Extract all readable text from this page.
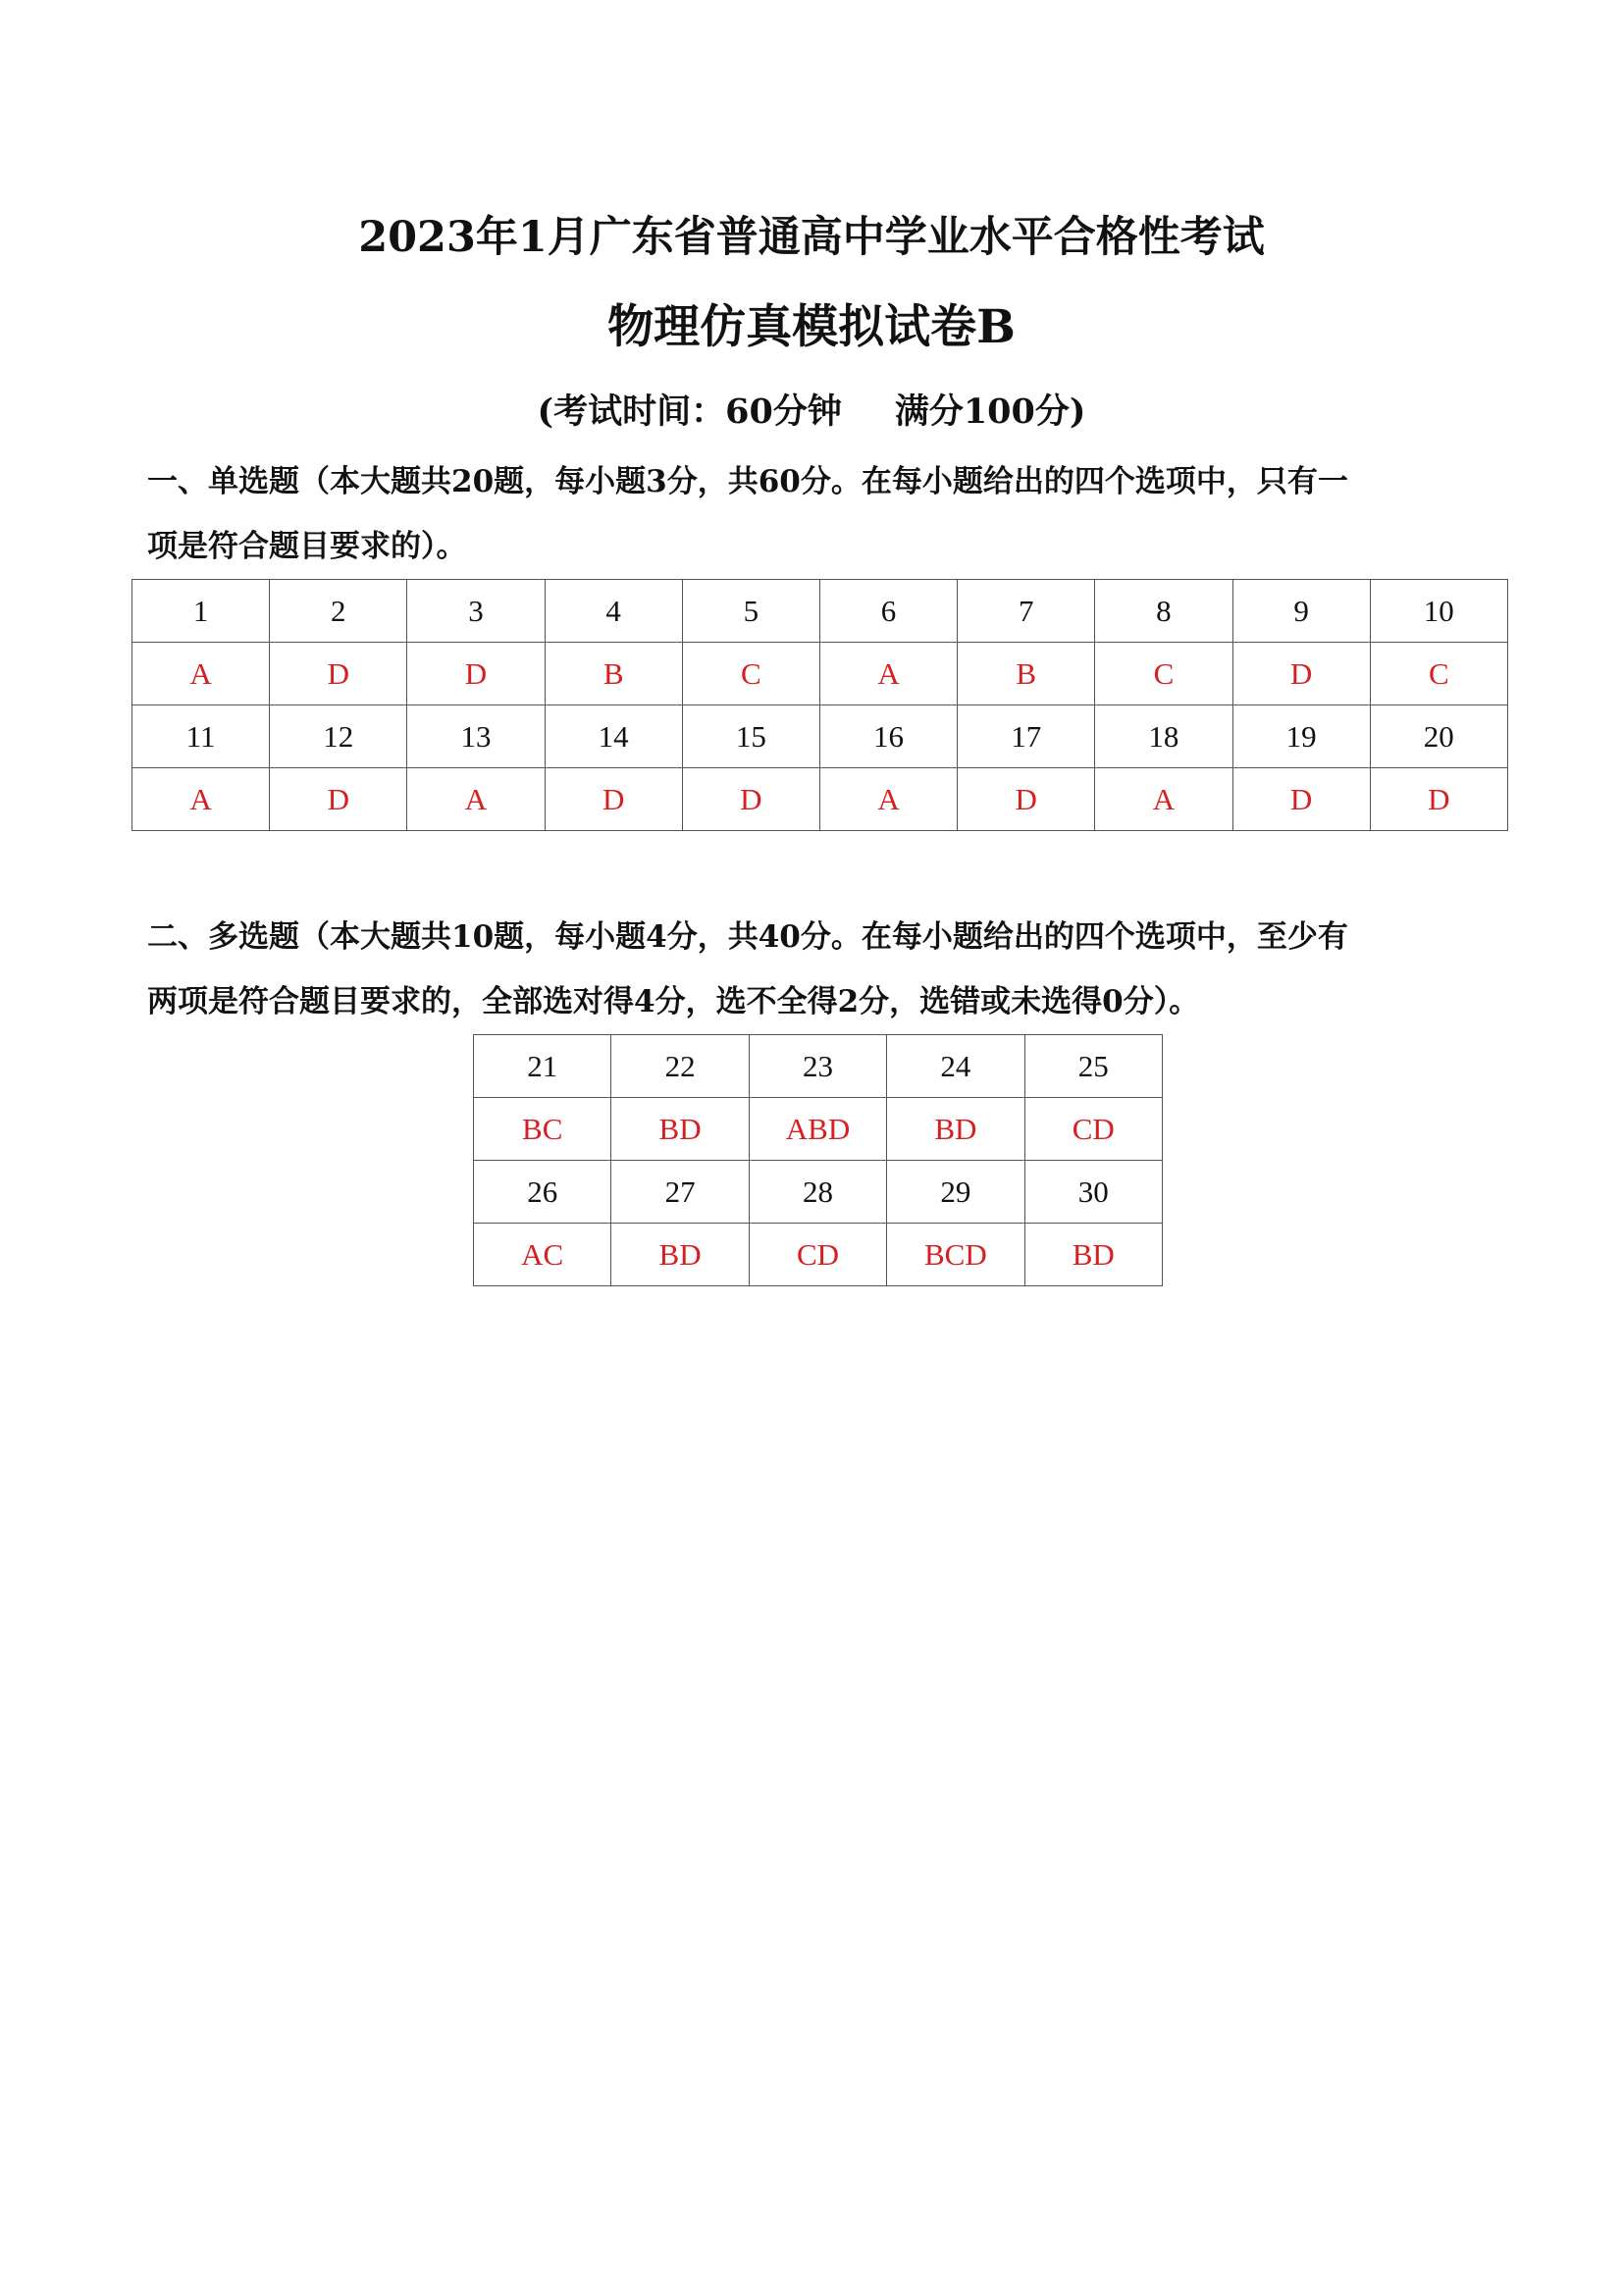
2023年1月广东省普通高中学业水平合格性考试
物理仿真模拟试卷B
(考试时间：60分钟 满分100分)
一、单选题（本大题共20题，每小题3分，共60分。在每小题给出的四个选项中，只有一
项是符合题目要求的）。
1	2	3	4	5	6	7	8	9	10
A	D	D	B	C	A	B	C	D	C
11	12	13	14	15	16	17	18	19	20
A	D	A	D	D	A	D	A	D	D
二、多选题（本大题共10题，每小题4分，共40分。在每小题给出的四个选项中，至少有
两项是符合题目要求的，全部选对得4分，选不全得2分，选错或未选得0分）。
21	22	23	24	25
BC	BD	ABD	BD	CD
26	27	28	29	30
AC	BD	CD	BCD	BD
